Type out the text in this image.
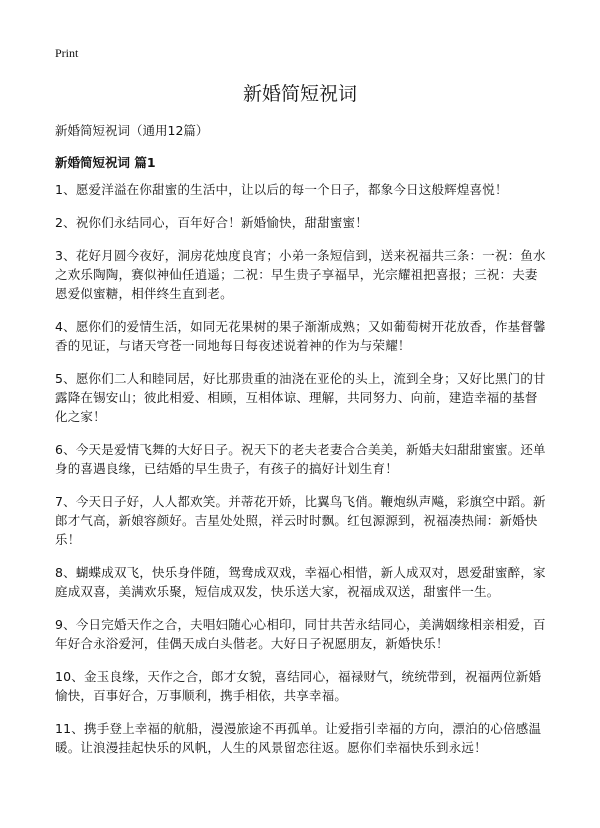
Print
新婚简短祝词

新婚简短祝词（通用12篇）

新婚简短祝词 篇1

1、愿爱洋溢在你甜蜜的生活中，让以后的每一个日子，都象今日这般辉煌喜悦！

2、祝你们永结同心，百年好合！新婚愉快，甜甜蜜蜜！

3、花好月圆今夜好，洞房花烛度良宵；小弟一条短信到，送来祝福共三条：一祝：鱼水之欢乐陶陶，赛似神仙任逍遥；二祝：早生贵子享福早，光宗耀祖把喜报；三祝：夫妻恩爱似蜜糖，相伴终生直到老。

4、愿你们的爱情生活，如同无花果树的果子渐渐成熟；又如葡萄树开花放香，作基督馨香的见证，与诸天穹苍一同地每日每夜述说着神的作为与荣耀！

5、愿你们二人和睦同居，好比那贵重的油浇在亚伦的头上，流到全身；又好比黑门的甘露降在锡安山；彼此相爱、相顾，互相体谅、理解，共同努力、向前，建造幸福的基督化之家！

6、今天是爱情飞舞的大好日子。祝天下的老夫老妻合合美美，新婚夫妇甜甜蜜蜜。还单身的喜遇良缘，已结婚的早生贵子，有孩子的搞好计划生育！

7、今天日子好，人人都欢笑。并蒂花开娇，比翼鸟飞俏。鞭炮纵声飚，彩旗空中蹈。新郎才气高，新娘容颜好。吉星处处照，祥云时时飘。红包源源到，祝福凑热闹：新婚快乐！

8、蝴蝶成双飞，快乐身伴随，鸳鸯成双戏，幸福心相惜，新人成双对，恩爱甜蜜醉，家庭成双喜，美满欢乐聚，短信成双发，快乐送大家，祝福成双送，甜蜜伴一生。

9、今日完婚天作之合，夫唱妇随心心相印，同甘共苦永结同心，美满姻缘相亲相爱，百年好合永浴爱河，佳偶天成白头偕老。大好日子祝愿朋友，新婚快乐！

10、金玉良缘，天作之合，郎才女貌，喜结同心，福禄财气，统统带到，祝福两位新婚愉快，百事好合，万事顺利，携手相依，共享幸福。

11、携手登上幸福的航船，漫漫旅途不再孤单。让爱指引幸福的方向，漂泊的心倍感温暖。让浪漫挂起快乐的风帆，人生的风景留恋往返。愿你们幸福快乐到永远！
